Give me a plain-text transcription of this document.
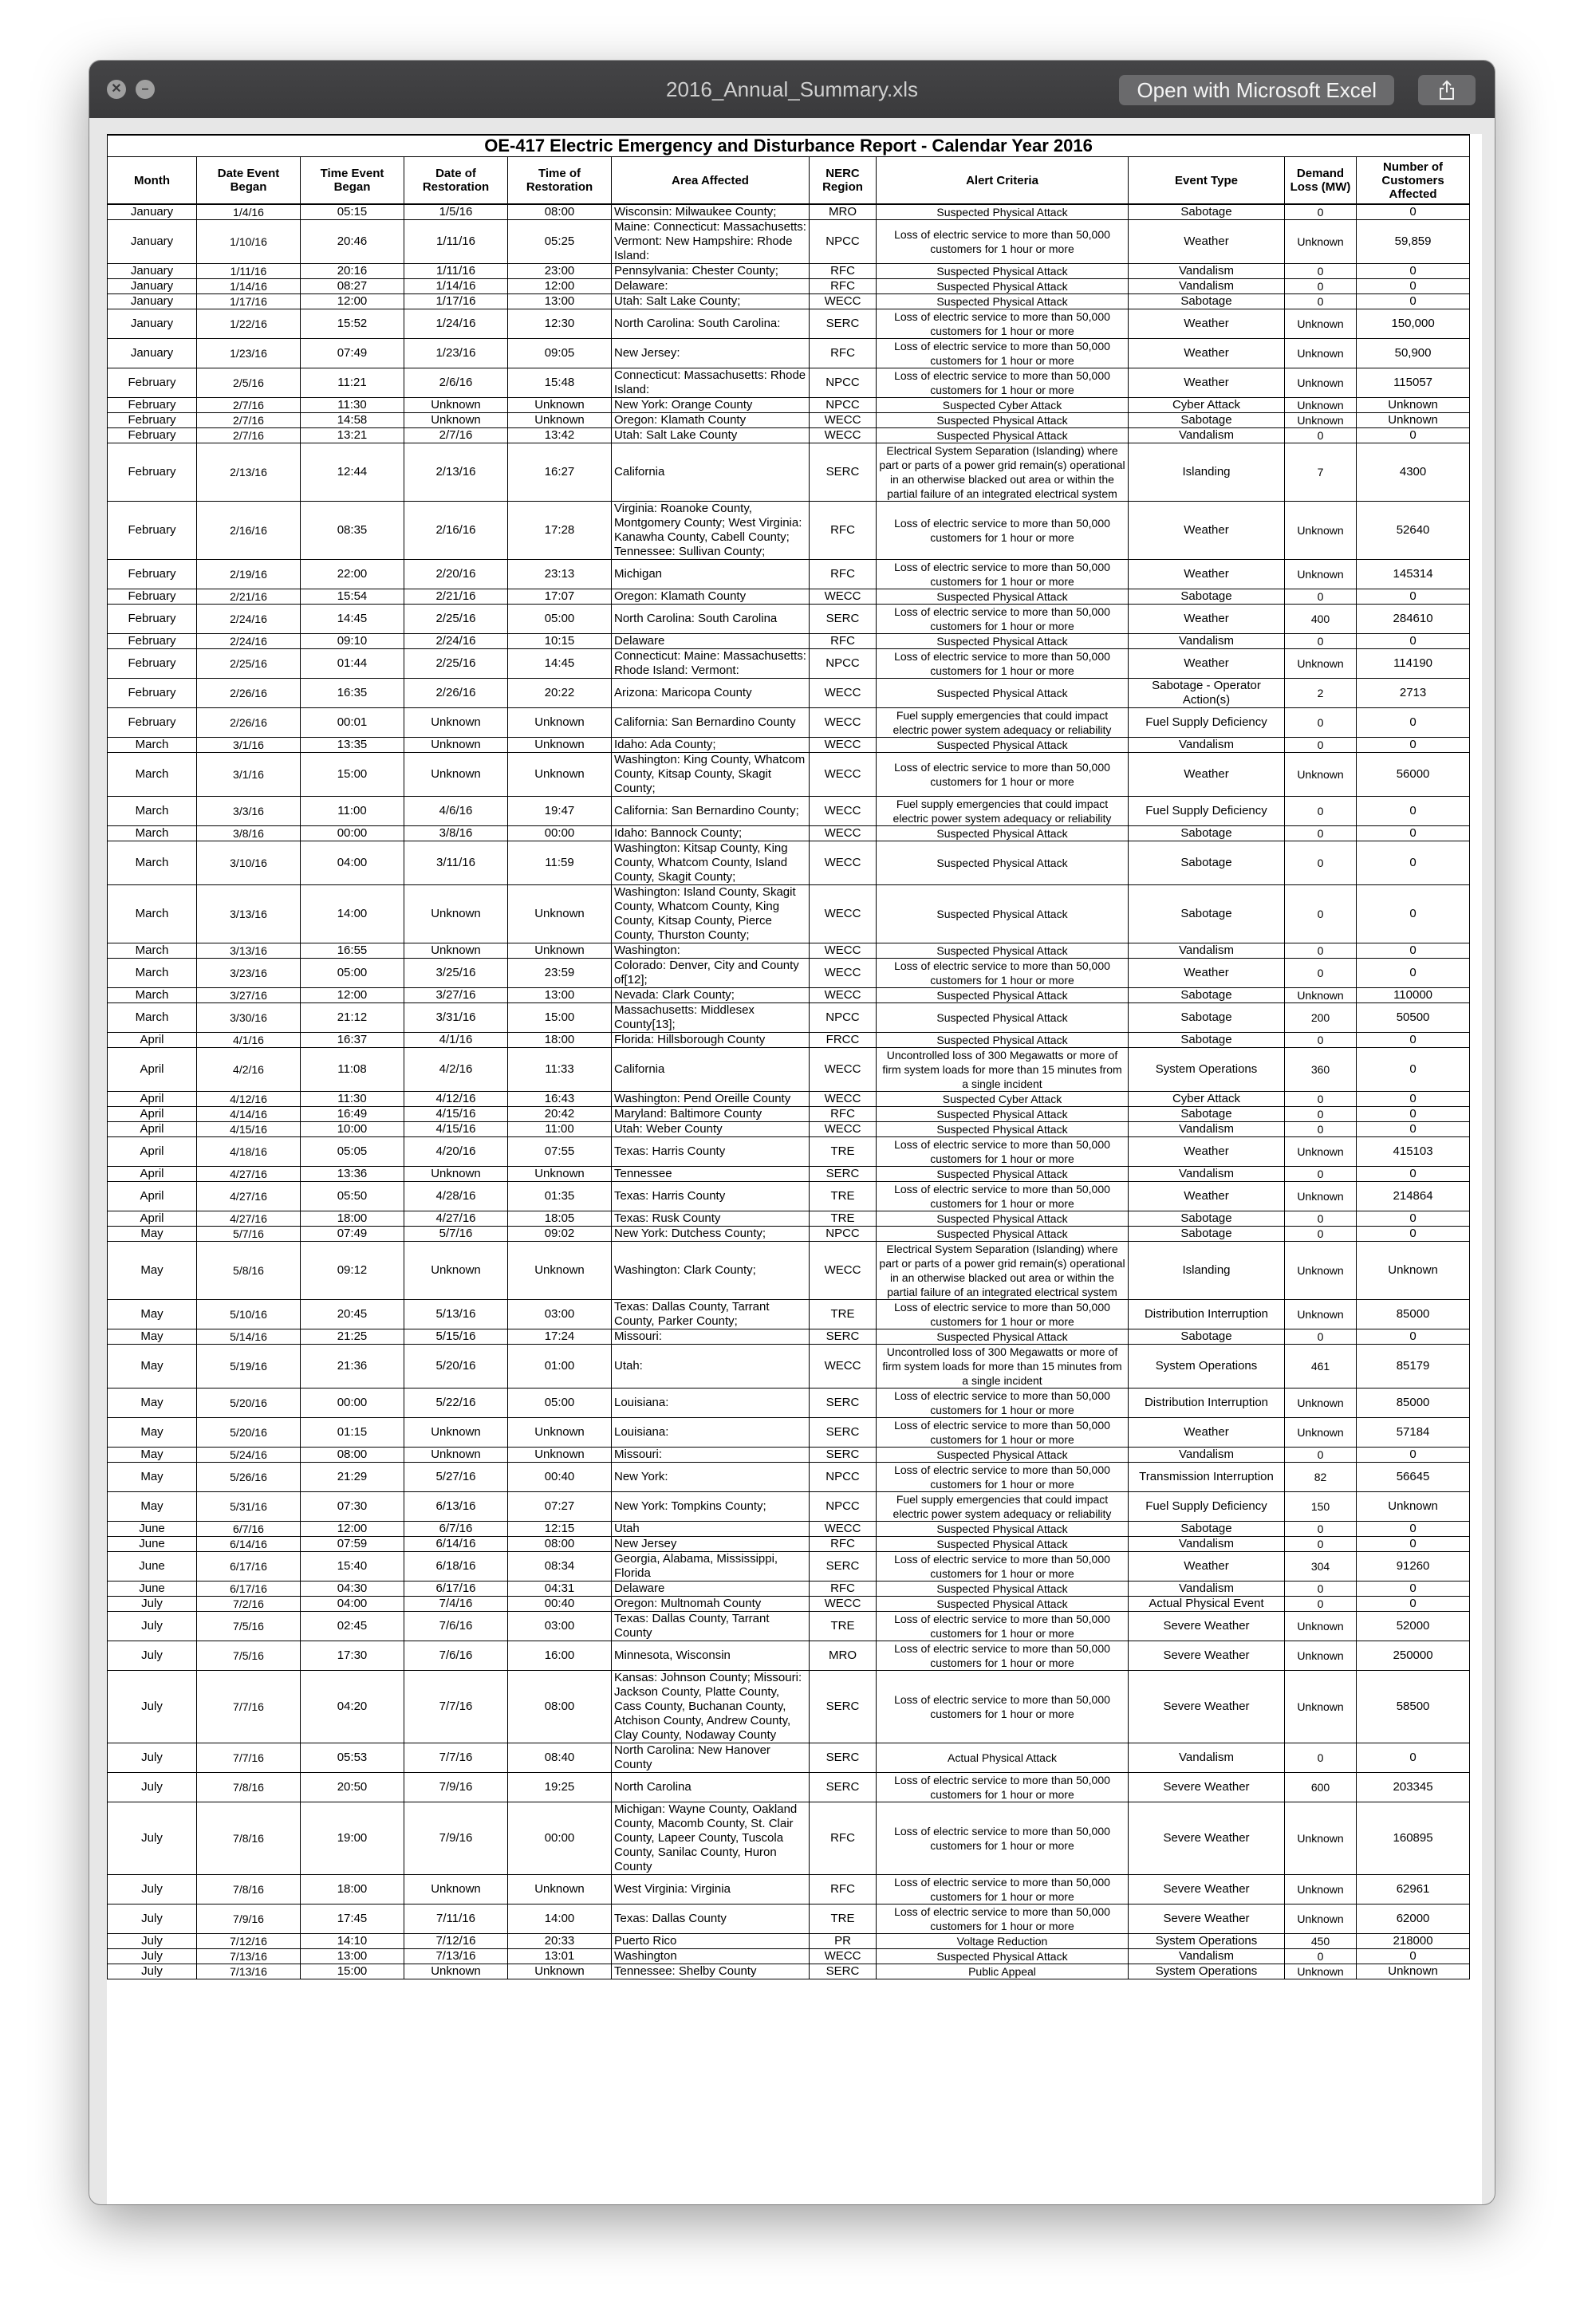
✕	–	2016_Annual_Summary.xls	Open with Microsoft Excel
OE-417 Electric Emergency and Disturbance Report - Calendar Year 2016										
Month	Date Event Began	Time Event Began	Date of Restoration	Time of Restoration	Area Affected	NERC Region	Alert Criteria	Event Type	Demand Loss (MW)	Number of Customers Affected
January	1/4/16	05:15	1/5/16	08:00	Wisconsin: Milwaukee County;	MRO	Suspected Physical Attack	Sabotage	0	0
January	1/10/16	20:46	1/11/16	05:25	Maine: Connecticut: Massachusetts: Vermont: New Hampshire: Rhode Island:	NPCC	Loss of electric service to more than 50,000 customers for 1 hour or more	Weather	Unknown	59,859
January	1/11/16	20:16	1/11/16	23:00	Pennsylvania: Chester County;	RFC	Suspected Physical Attack	Vandalism	0	0
January	1/14/16	08:27	1/14/16	12:00	Delaware:	RFC	Suspected Physical Attack	Vandalism	0	0
January	1/17/16	12:00	1/17/16	13:00	Utah: Salt Lake County;	WECC	Suspected Physical Attack	Sabotage	0	0
January	1/22/16	15:52	1/24/16	12:30	North Carolina: South Carolina:	SERC	Loss of electric service to more than 50,000 customers for 1 hour or more	Weather	Unknown	150,000
January	1/23/16	07:49	1/23/16	09:05	New Jersey:	RFC	Loss of electric service to more than 50,000 customers for 1 hour or more	Weather	Unknown	50,900
February	2/5/16	11:21	2/6/16	15:48	Connecticut: Massachusetts: Rhode Island:	NPCC	Loss of electric service to more than 50,000 customers for 1 hour or more	Weather	Unknown	115057
February	2/7/16	11:30	Unknown	Unknown	New York: Orange County	NPCC	Suspected Cyber Attack	Cyber Attack	Unknown	Unknown
February	2/7/16	14:58	Unknown	Unknown	Oregon: Klamath County	WECC	Suspected Physical Attack	Sabotage	Unknown	Unknown
February	2/7/16	13:21	2/7/16	13:42	Utah: Salt Lake County	WECC	Suspected Physical Attack	Vandalism	0	0
February	2/13/16	12:44	2/13/16	16:27	California	SERC	Electrical System Separation (Islanding) where part or parts of a power grid remain(s) operational in an otherwise blacked out area or within the partial failure of an integrated electrical system	Islanding	7	4300
February	2/16/16	08:35	2/16/16	17:28	Virginia: Roanoke County, Montgomery County; West Virginia: Kanawha County, Cabell County; Tennessee: Sullivan County;	RFC	Loss of electric service to more than 50,000 customers for 1 hour or more	Weather	Unknown	52640
February	2/19/16	22:00	2/20/16	23:13	Michigan	RFC	Loss of electric service to more than 50,000 customers for 1 hour or more	Weather	Unknown	145314
February	2/21/16	15:54	2/21/16	17:07	Oregon: Klamath County	WECC	Suspected Physical Attack	Sabotage	0	0
February	2/24/16	14:45	2/25/16	05:00	North Carolina: South Carolina	SERC	Loss of electric service to more than 50,000 customers for 1 hour or more	Weather	400	284610
February	2/24/16	09:10	2/24/16	10:15	Delaware	RFC	Suspected Physical Attack	Vandalism	0	0
February	2/25/16	01:44	2/25/16	14:45	Connecticut: Maine: Massachusetts: Rhode Island: Vermont:	NPCC	Loss of electric service to more than 50,000 customers for 1 hour or more	Weather	Unknown	114190
February	2/26/16	16:35	2/26/16	20:22	Arizona: Maricopa County	WECC	Suspected Physical Attack	Sabotage - Operator Action(s)	2	2713
February	2/26/16	00:01	Unknown	Unknown	California: San Bernardino County	WECC	Fuel supply emergencies that could impact electric power system adequacy or reliability	Fuel Supply Deficiency	0	0
March	3/1/16	13:35	Unknown	Unknown	Idaho: Ada County;	WECC	Suspected Physical Attack	Vandalism	0	0
March	3/1/16	15:00	Unknown	Unknown	Washington: King County, Whatcom County, Kitsap County, Skagit County;	WECC	Loss of electric service to more than 50,000 customers for 1 hour or more	Weather	Unknown	56000
March	3/3/16	11:00	4/6/16	19:47	California: San Bernardino County;	WECC	Fuel supply emergencies that could impact electric power system adequacy or reliability	Fuel Supply Deficiency	0	0
March	3/8/16	00:00	3/8/16	00:00	Idaho: Bannock County;	WECC	Suspected Physical Attack	Sabotage	0	0
March	3/10/16	04:00	3/11/16	11:59	Washington: Kitsap County, King County, Whatcom County, Island County, Skagit County;	WECC	Suspected Physical Attack	Sabotage	0	0
March	3/13/16	14:00	Unknown	Unknown	Washington: Island County, Skagit County, Whatcom County, King County, Kitsap County, Pierce County, Thurston County;	WECC	Suspected Physical Attack	Sabotage	0	0
March	3/13/16	16:55	Unknown	Unknown	Washington:	WECC	Suspected Physical Attack	Vandalism	0	0
March	3/23/16	05:00	3/25/16	23:59	Colorado: Denver, City and County of[12];	WECC	Loss of electric service to more than 50,000 customers for 1 hour or more	Weather	0	0
March	3/27/16	12:00	3/27/16	13:00	Nevada: Clark County;	WECC	Suspected Physical Attack	Sabotage	Unknown	110000
March	3/30/16	21:12	3/31/16	15:00	Massachusetts: Middlesex County[13];	NPCC	Suspected Physical Attack	Sabotage	200	50500
April	4/1/16	16:37	4/1/16	18:00	Florida: Hillsborough County	FRCC	Suspected Physical Attack	Sabotage	0	0
April	4/2/16	11:08	4/2/16	11:33	California	WECC	Uncontrolled loss of 300 Megawatts or more of firm system loads for more than 15 minutes from a single incident	System Operations	360	0
April	4/12/16	11:30	4/12/16	16:43	Washington: Pend Oreille County	WECC	Suspected Cyber Attack	Cyber Attack	0	0
April	4/14/16	16:49	4/15/16	20:42	Maryland: Baltimore County	RFC	Suspected Physical Attack	Sabotage	0	0
April	4/15/16	10:00	4/15/16	11:00	Utah: Weber County	WECC	Suspected Physical Attack	Vandalism	0	0
April	4/18/16	05:05	4/20/16	07:55	Texas: Harris County	TRE	Loss of electric service to more than 50,000 customers for 1 hour or more	Weather	Unknown	415103
April	4/27/16	13:36	Unknown	Unknown	Tennessee	SERC	Suspected Physical Attack	Vandalism	0	0
April	4/27/16	05:50	4/28/16	01:35	Texas: Harris County	TRE	Loss of electric service to more than 50,000 customers for 1 hour or more	Weather	Unknown	214864
April	4/27/16	18:00	4/27/16	18:05	Texas: Rusk County	TRE	Suspected Physical Attack	Sabotage	0	0
May	5/7/16	07:49	5/7/16	09:02	New York: Dutchess County;	NPCC	Suspected Physical Attack	Sabotage	0	0
May	5/8/16	09:12	Unknown	Unknown	Washington: Clark County;	WECC	Electrical System Separation (Islanding) where part or parts of a power grid remain(s) operational in an otherwise blacked out area or within the partial failure of an integrated electrical system	Islanding	Unknown	Unknown
May	5/10/16	20:45	5/13/16	03:00	Texas: Dallas County, Tarrant County, Parker County;	TRE	Loss of electric service to more than 50,000 customers for 1 hour or more	Distribution Interruption	Unknown	85000
May	5/14/16	21:25	5/15/16	17:24	Missouri:	SERC	Suspected Physical Attack	Sabotage	0	0
May	5/19/16	21:36	5/20/16	01:00	Utah:	WECC	Uncontrolled loss of 300 Megawatts or more of firm system loads for more than 15 minutes from a single incident	System Operations	461	85179
May	5/20/16	00:00	5/22/16	05:00	Louisiana:	SERC	Loss of electric service to more than 50,000 customers for 1 hour or more	Distribution Interruption	Unknown	85000
May	5/20/16	01:15	Unknown	Unknown	Louisiana:	SERC	Loss of electric service to more than 50,000 customers for 1 hour or more	Weather	Unknown	57184
May	5/24/16	08:00	Unknown	Unknown	Missouri:	SERC	Suspected Physical Attack	Vandalism	0	0
May	5/26/16	21:29	5/27/16	00:40	New York:	NPCC	Loss of electric service to more than 50,000 customers for 1 hour or more	Transmission Interruption	82	56645
May	5/31/16	07:30	6/13/16	07:27	New York: Tompkins County;	NPCC	Fuel supply emergencies that could impact electric power system adequacy or reliability	Fuel Supply Deficiency	150	Unknown
June	6/7/16	12:00	6/7/16	12:15	Utah	WECC	Suspected Physical Attack	Sabotage	0	0
June	6/14/16	07:59	6/14/16	08:00	New Jersey	RFC	Suspected Physical Attack	Vandalism	0	0
June	6/17/16	15:40	6/18/16	08:34	Georgia, Alabama, Mississippi, Florida	SERC	Loss of electric service to more than 50,000 customers for 1 hour or more	Weather	304	91260
June	6/17/16	04:30	6/17/16	04:31	Delaware	RFC	Suspected Physical Attack	Vandalism	0	0
July	7/2/16	04:00	7/4/16	00:40	Oregon: Multnomah County	WECC	Suspected Physical Attack	Actual Physical Event	0	0
July	7/5/16	02:45	7/6/16	03:00	Texas: Dallas County, Tarrant County	TRE	Loss of electric service to more than 50,000 customers for 1 hour or more	Severe Weather	Unknown	52000
July	7/5/16	17:30	7/6/16	16:00	Minnesota, Wisconsin	MRO	Loss of electric service to more than 50,000 customers for 1 hour or more	Severe Weather	Unknown	250000
July	7/7/16	04:20	7/7/16	08:00	Kansas: Johnson County; Missouri: Jackson County, Platte County, Cass County, Buchanan County, Atchison County, Andrew County, Clay County, Nodaway County	SERC	Loss of electric service to more than 50,000 customers for 1 hour or more	Severe Weather	Unknown	58500
July	7/7/16	05:53	7/7/16	08:40	North Carolina: New Hanover County	SERC	Actual Physical Attack	Vandalism	0	0
July	7/8/16	20:50	7/9/16	19:25	North Carolina	SERC	Loss of electric service to more than 50,000 customers for 1 hour or more	Severe Weather	600	203345
July	7/8/16	19:00	7/9/16	00:00	Michigan: Wayne County, Oakland County, Macomb County, St. Clair County, Lapeer County, Tuscola County, Sanilac County, Huron County	RFC	Loss of electric service to more than 50,000 customers for 1 hour or more	Severe Weather	Unknown	160895
July	7/8/16	18:00	Unknown	Unknown	West Virginia: Virginia	RFC	Loss of electric service to more than 50,000 customers for 1 hour or more	Severe Weather	Unknown	62961
July	7/9/16	17:45	7/11/16	14:00	Texas: Dallas County	TRE	Loss of electric service to more than 50,000 customers for 1 hour or more	Severe Weather	Unknown	62000
July	7/12/16	14:10	7/12/16	20:33	Puerto Rico	PR	Voltage Reduction	System Operations	450	218000
July	7/13/16	13:00	7/13/16	13:01	Washington	WECC	Suspected Physical Attack	Vandalism	0	0
July	7/13/16	15:00	Unknown	Unknown	Tennessee: Shelby County	SERC	Public Appeal	System Operations	Unknown	Unknown
